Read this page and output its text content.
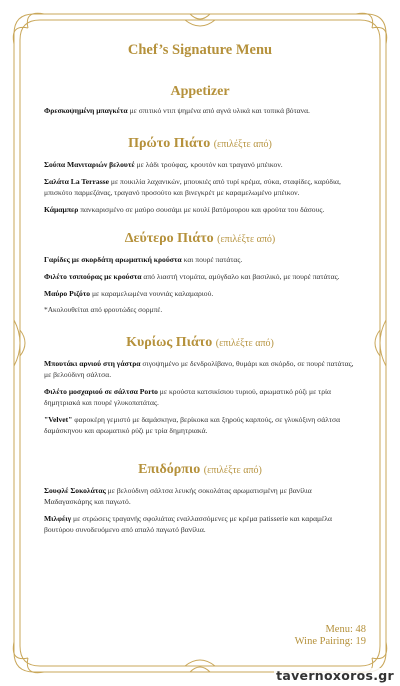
Chef’s Signature Menu
Appetizer

Φρεσκοψημένη μπαγκέτα με σπιτικό ντιπ ψημένα από αγνά υλικά και τοπικά βότανα.

Πρώτο Πιάτο (επιλέξτε από)

Σούπα Μανιταριών βελουτέ με λάδι τρούφας, κρουτόν και τραγανό μπέικον.

Σαλάτα La Terrasse με ποικιλία λαχανικών, μπουκιές από τυρί κρέμα, σύκα, σταφίδες, καρύδια, μπισκότο παρμεζάνας, τραγανό προσούτο και βινεγκρέτ με καραμελωμένο μπέικον.

Κάμαμπερ πανκαρισμένο σε μαύρο σουσάμι με κουλί βατόμουρου και φρούτα του δάσους.

Δεύτερο Πιάτο (επιλέξτε από)

Γαρίδες με σκορδάτη αρωματική κρούστα και πουρέ πατάτας.

Φιλέτο τσιπούρας με κρούστα από λιαστή ντομάτα, αμύγδαλο και βασιλικό, με πουρέ πατάτας.

Μαύρο Ριζότο με καραμελωμένα νουνιάς καλαμαριού.

*Ακολουθείται από φρουτώδες σορμπέ.

Κυρίως Πιάτο (επιλέξτε από)

Μπουτάκι αρνιού στη γάστρα σιγοψημένο με δενδρολίβανο, θυμάρι και σκόρδο, σε πουρέ πατάτας, με βελούδινη σάλτσα.

Φιλέτο μοσχαριού σε σάλτσα Porto με κρούστα κατσικίσιου τυριού, αρωματικό ρύζι με τρία δημητριακά και πουρέ γλυκοπατάτας.

"Velvet" φαροκέρη γεμιστό με δαμάσκηνα, βερίκοκα και ξηρούς καρπούς, σε γλυκόξινη σάλτσα δαμάσκηνου και αρωματικό ρύζι με τρία δημητριακά.

Επιδόρπιο (επιλέξτε από)

Σουφλέ Σοκολάτας με βελούδινη σάλτσα λευκής σοκολάτας αρωματισμένη με βανίλια Μαδαγασκάρης και παγωτό.

Μιλφέιγ με στρώσεις τραγανής σφολιάτας εναλλασσόμενες με κρέμα patisserie και καραμέλα βουτύρου συνοδευόμενο από απαλό παγωτό βανίλια.

Menu: 48
Wine Pairing: 19
tavernoxoros.gr
